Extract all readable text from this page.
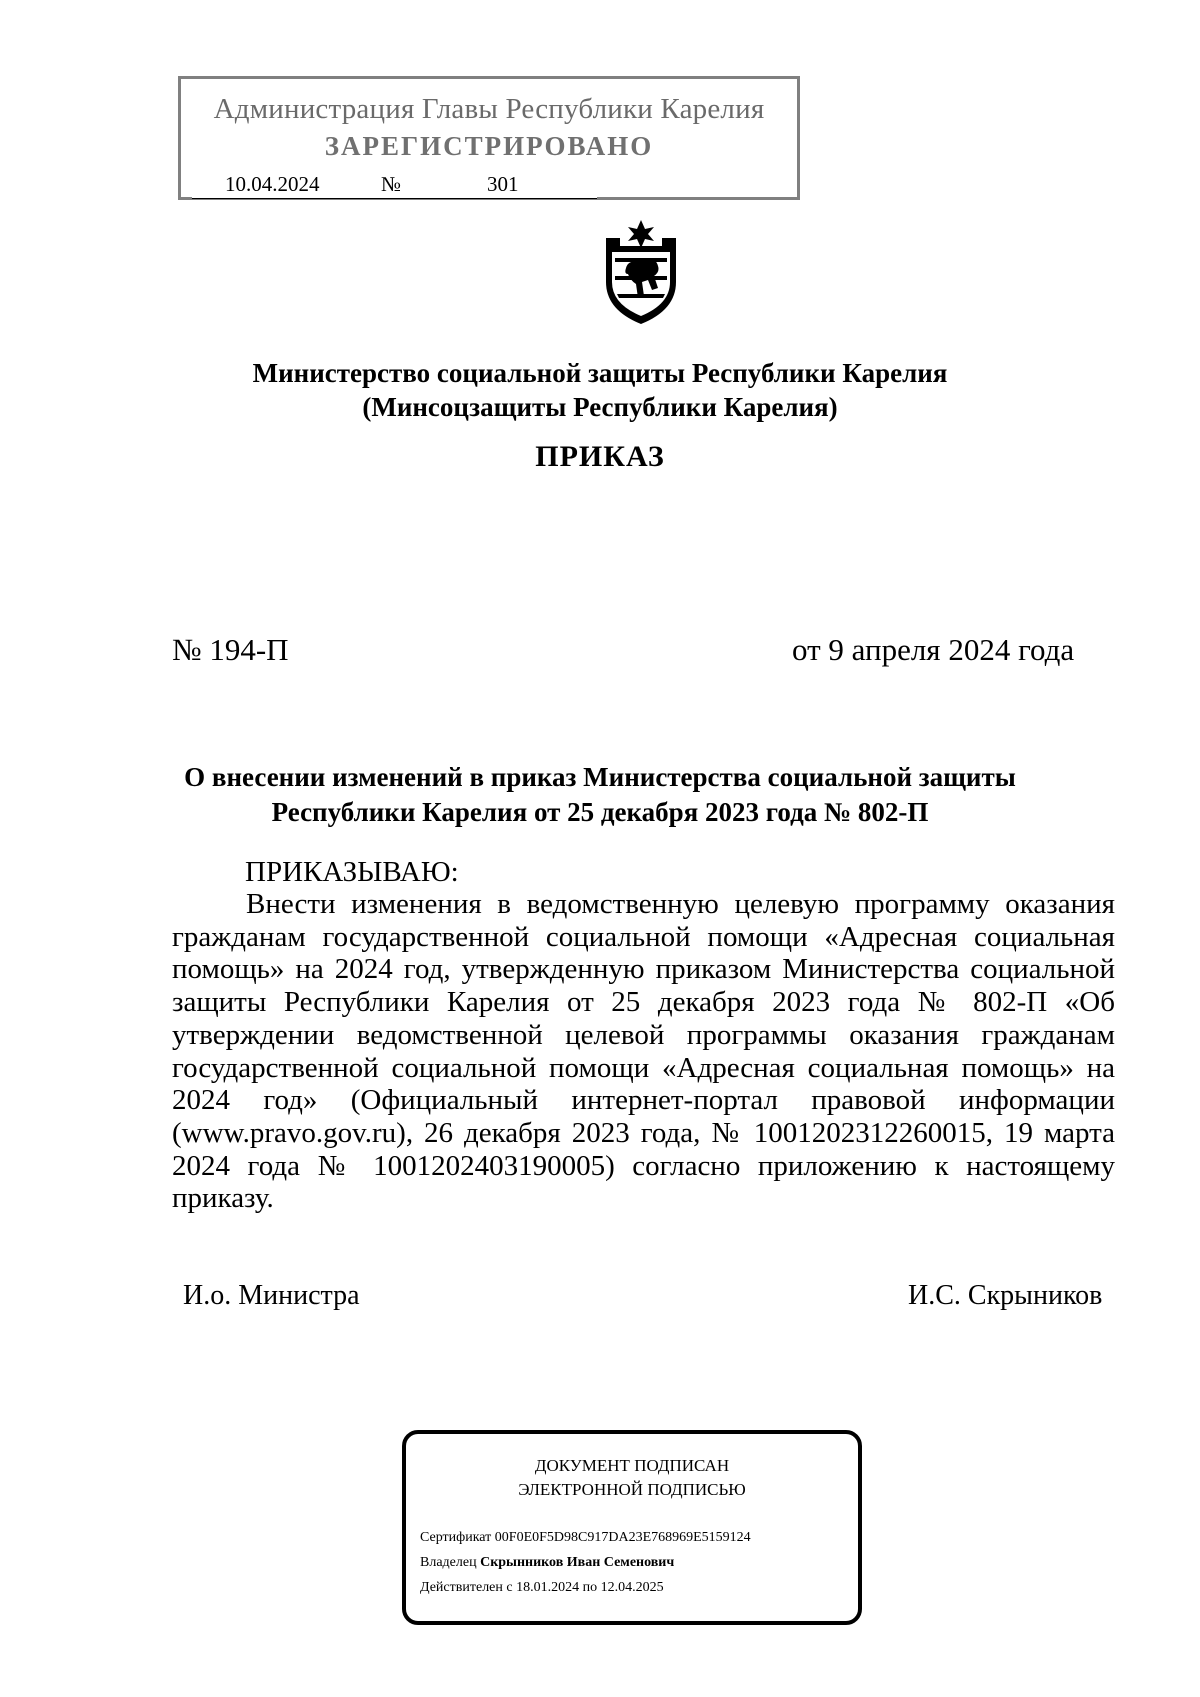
Администрация Главы Республики Карелия
ЗАРЕГИСТРИРОВАНО
10.04.2024	№	301
Министерство социальной защиты Республики Карелия
(Минсоцзащиты Республики Карелия)
ПРИКАЗ
№ 194-П	от 9 апреля 2024 года
О внесении изменений в приказ Министерства социальной защиты
Республики Карелия от 25 декабря 2023 года № 802-П
ПРИКАЗЫВАЮ:
Внести изменения в ведомственную целевую программу оказания гражданам государственной социальной помощи «Адресная социальная помощь» на 2024 год, утвержденную приказом Министерства социальной защиты Республики Карелия от 25 декабря 2023 года № 802-П «Об утверждении ведомственной целевой программы оказания гражданам государственной социальной помощи «Адресная социальная помощь» на 2024 год» (Официальный интернет-портал правовой информации (www.pravo.gov.ru), 26 декабря 2023 года, № 1001202312260015, 19 марта 2024 года № 1001202403190005) согласно приложению к настоящему приказу.
И.о. Министра	И.С. Скрыников
ДОКУМЕНТ ПОДПИСАН
ЭЛЕКТРОННОЙ ПОДПИСЬЮ
Сертификат 00F0E0F5D98C917DA23E768969E5159124
Владелец Скрынников Иван Семенович
Действителен с 18.01.2024 по 12.04.2025
